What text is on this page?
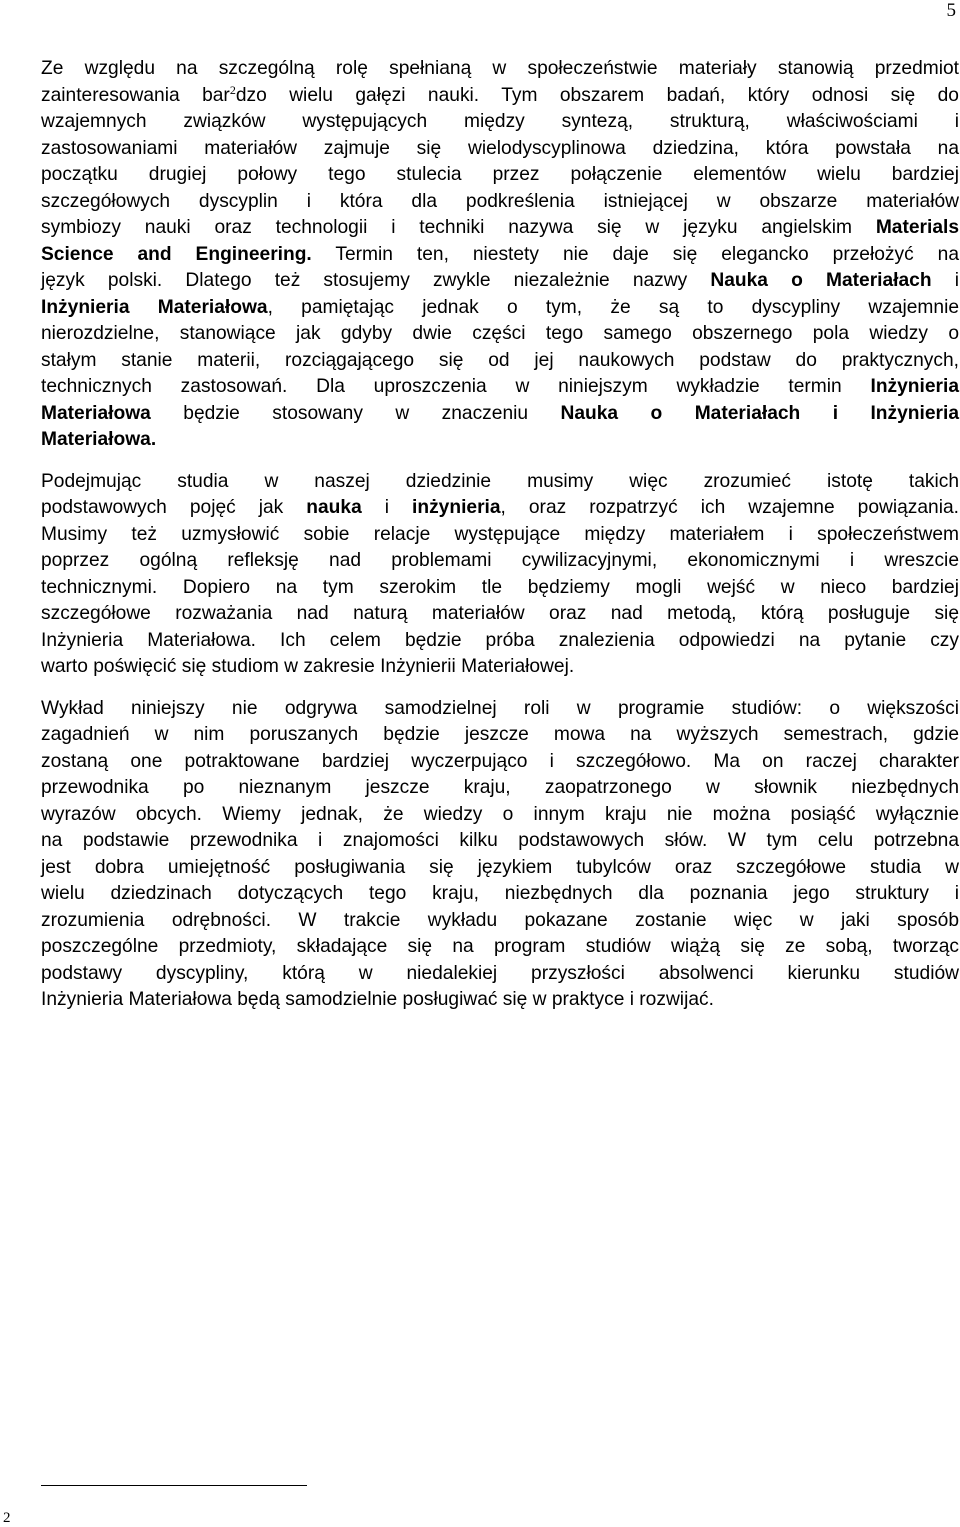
5

Ze względu na szczególną rolę spełnianą w społeczeństwie materiały stanowią przedmiot
zainteresowania bar$^2$dzo wielu gałęzi nauki. Tym obszarem badań, który odnosi się do
wzajemnych związków występujących między syntezą, strukturą, właściwościami i
zastosowaniami materiałów zajmuje się wielodyscyplinowa dziedzina, która powstała na
początku drugiej połowy tego stulecia przez połączenie elementów wielu bardziej
szczegółowych dyscyplin i która dla podkreślenia istniejącej w obszarze materiałów
symbiozy nauki oraz technologii i techniki nazywa się w języku angielskim Materials
Science and Engineering. Termin ten, niestety nie daje się elegancko przełożyć na
język polski. Dlatego też stosujemy zwykle niezależnie nazwy Nauka o Materiałach i
Inżynieria Materiałowa, pamiętając jednak o tym, że są to dyscypliny wzajemnie
nierozdzielne, stanowiące jak gdyby dwie części tego samego obszernego pola wiedzy o
stałym stanie materii, rozciągającego się od jej naukowych podstaw do praktycznych,
technicznych zastosowań. Dla uproszczenia w niniejszym wykładzie termin Inżynieria
Materiałowa będzie stosowany w znaczeniu Nauka o Materiałach i Inżynieria
Materiałowa.

Podejmując studia w naszej dziedzinie musimy więc zrozumieć istotę takich
podstawowych pojęć jak nauka i inżynieria, oraz rozpatrzyć ich wzajemne powiązania.
Musimy też uzmysłowić sobie relacje występujące między materiałem i społeczeństwem
poprzez ogólną refleksję nad problemami cywilizacyjnymi, ekonomicznymi i wreszcie
technicznymi. Dopiero na tym szerokim tle będziemy mogli wejść w nieco bardziej
szczegółowe rozważania nad naturą materiałów oraz nad metodą, którą posługuje się
Inżynieria Materiałowa. Ich celem będzie próba znalezienia odpowiedzi na pytanie czy
warto poświęcić się studiom w zakresie Inżynierii Materiałowej.

Wykład niniejszy nie odgrywa samodzielnej roli w programie studiów: o większości
zagadnień w nim poruszanych będzie jeszcze mowa na wyższych semestrach, gdzie
zostaną one potraktowane bardziej wyczerpująco i szczegółowo. Ma on raczej charakter
przewodnika po nieznanym jeszcze kraju, zaopatrzonego w słownik niezbędnych
wyrazów obcych. Wiemy jednak, że wiedzy o innym kraju nie można posiąść wyłącznie
na podstawie przewodnika i znajomości kilku podstawowych słów. W tym celu potrzebna
jest dobra umiejętność posługiwania się językiem tubylców oraz szczegółowe studia w
wielu dziedzinach dotyczących tego kraju, niezbędnych dla poznania jego struktury i
zrozumienia odrębności. W trakcie wykładu pokazane zostanie więc w jaki sposób
poszczególne przedmioty, składające się na program studiów wiążą się ze sobą, tworząc
podstawy dyscypliny, którą w niedalekiej przyszłości absolwenci kierunku studiów
Inżynieria Materiałowa będą samodzielnie posługiwać się w praktyce i rozwijać.

2
